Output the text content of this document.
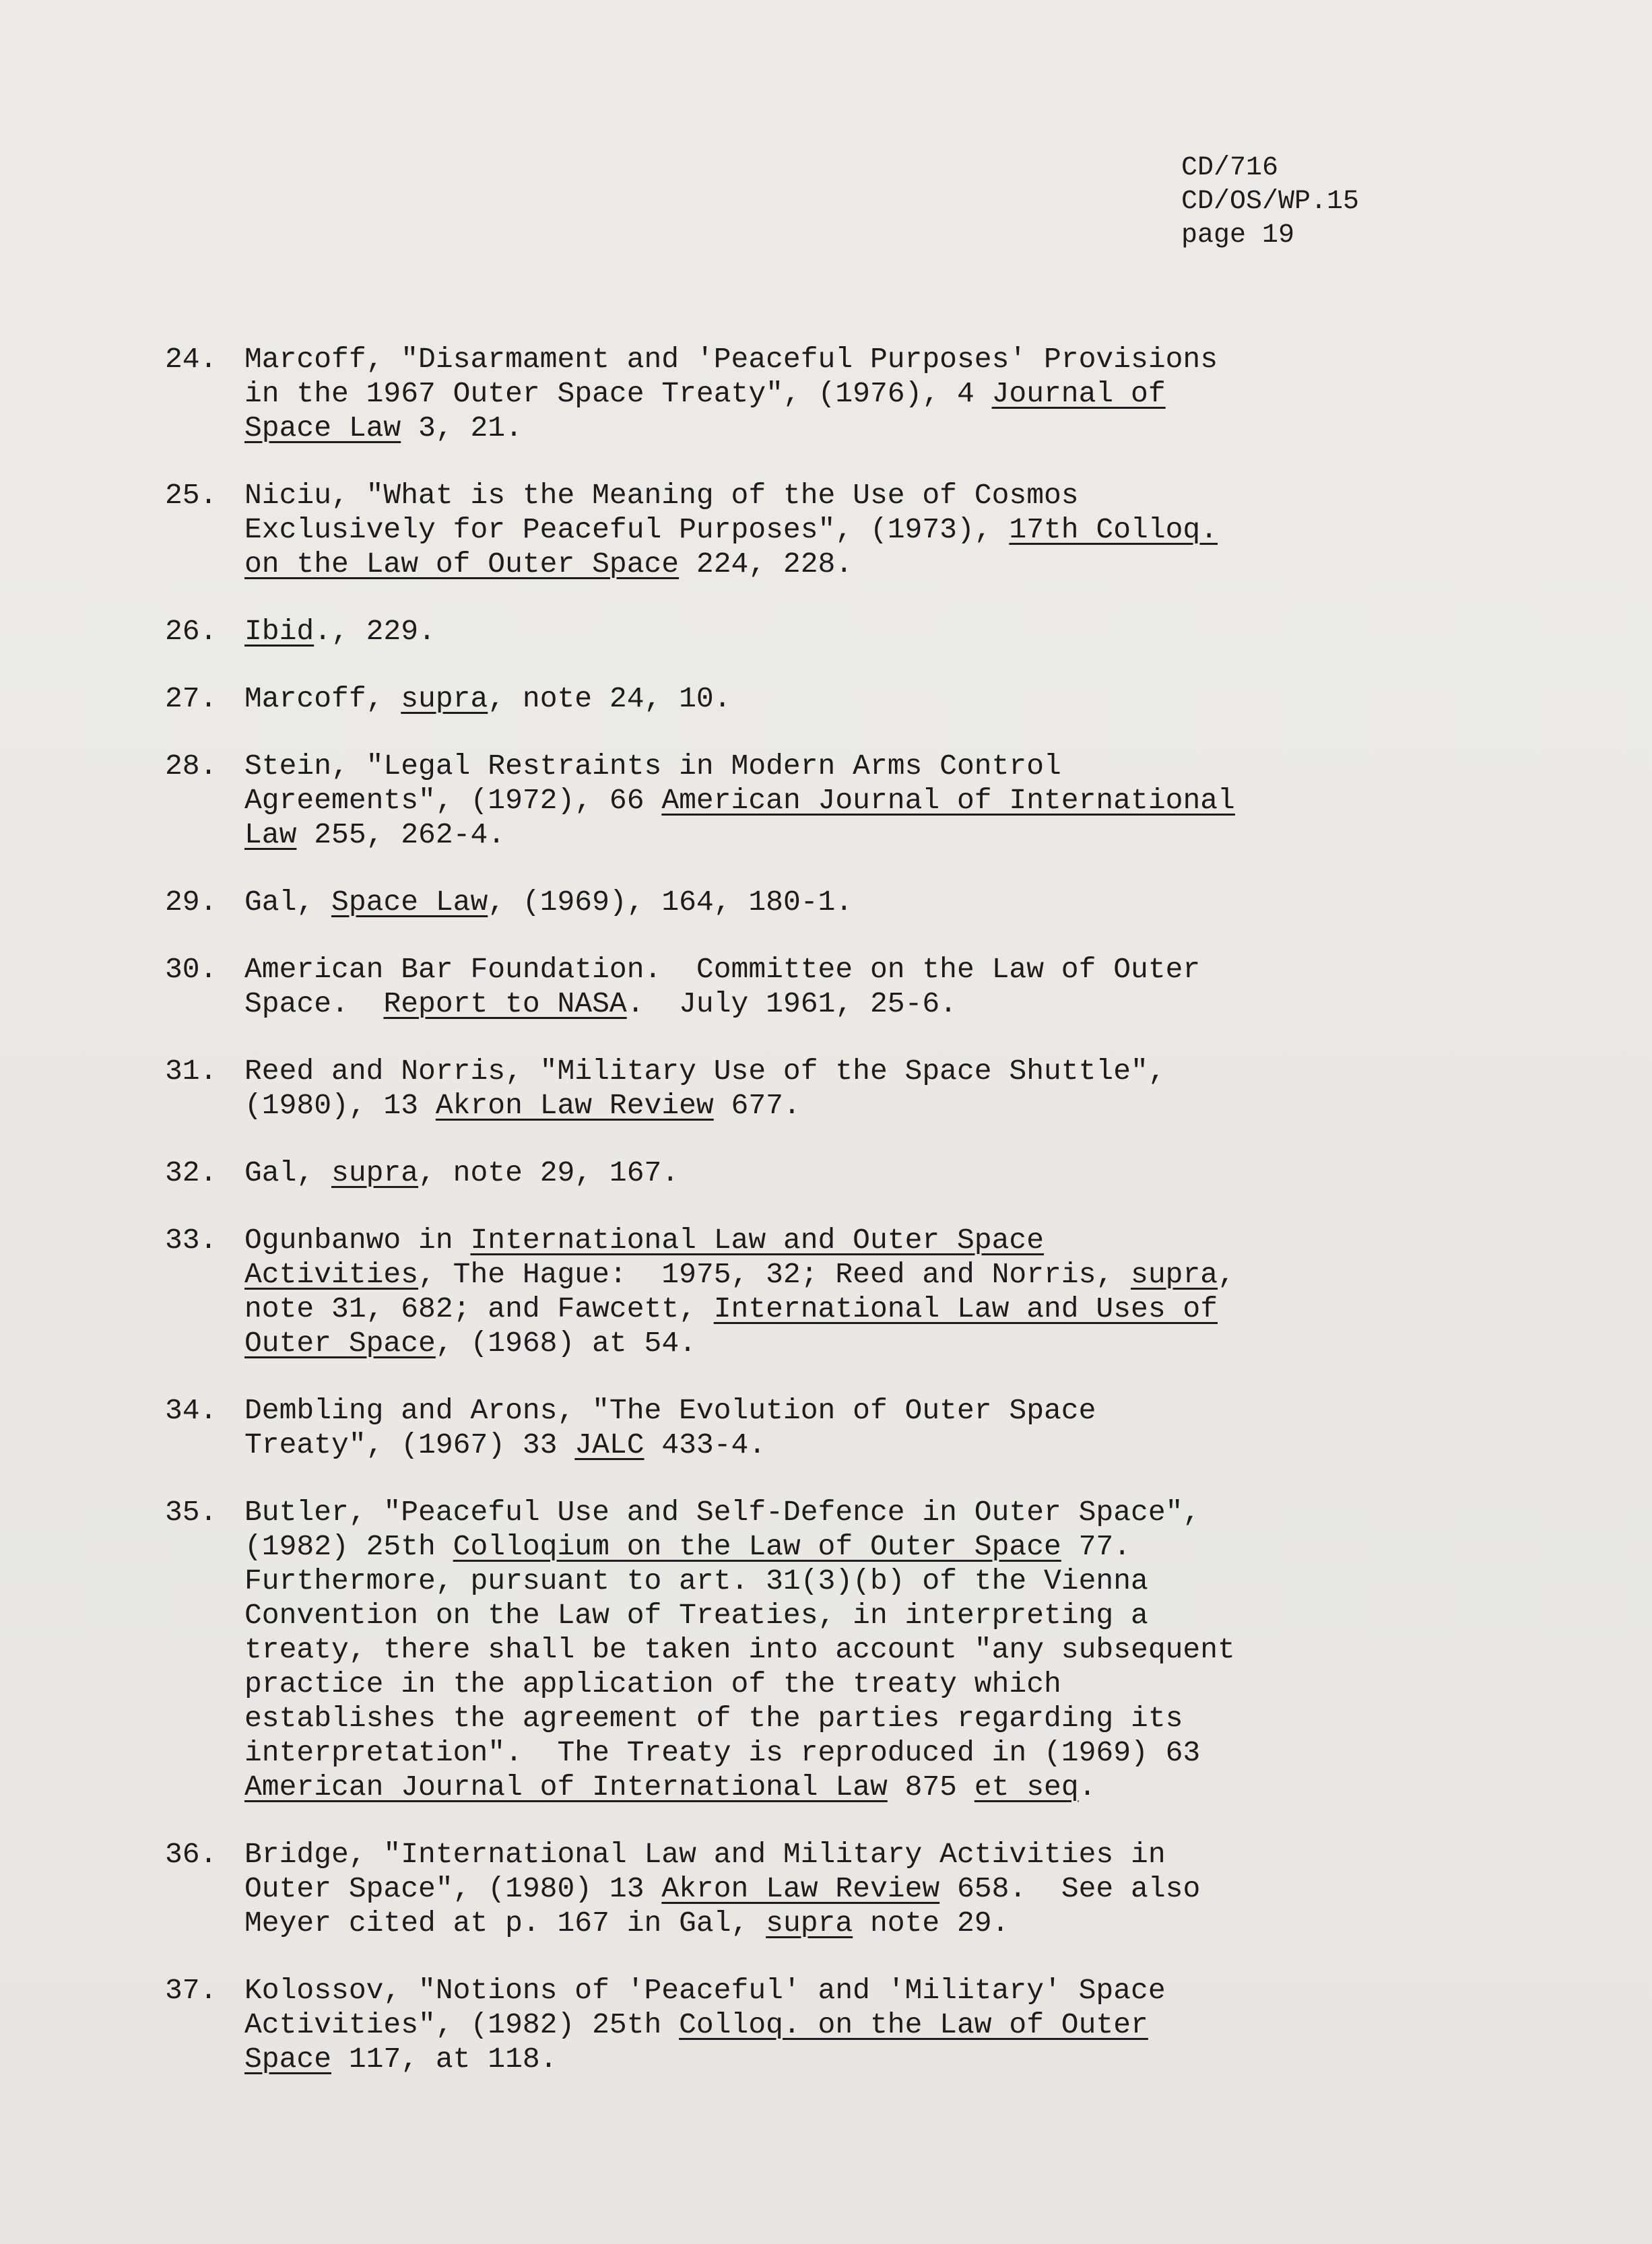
CD/716
CD/OS/WP.15
page 19
24. Marcoff, "Disarmament and 'Peaceful Purposes' Provisions
in the 1967 Outer Space Treaty", (1976), 4 Journal of
Space Law 3, 21.
25. Niciu, "What is the Meaning of the Use of Cosmos
Exclusively for Peaceful Purposes", (1973), 17th Colloq.
on the Law of Outer Space 224, 228.
26. Ibid., 229.
27. Marcoff, supra, note 24, 10.
28. Stein, "Legal Restraints in Modern Arms Control
Agreements", (1972), 66 American Journal of International
Law 255, 262-4.
29. Gal, Space Law, (1969), 164, 180-1.
30. American Bar Foundation.  Committee on the Law of Outer
Space.  Report to NASA.  July 1961, 25-6.
31. Reed and Norris, "Military Use of the Space Shuttle",
(1980), 13 Akron Law Review 677.
32. Gal, supra, note 29, 167.
33. Ogunbanwo in International Law and Outer Space
Activities, The Hague:  1975, 32; Reed and Norris, supra,
note 31, 682; and Fawcett, International Law and Uses of
Outer Space, (1968) at 54.
34. Dembling and Arons, "The Evolution of Outer Space
Treaty", (1967) 33 JALC 433-4.
35. Butler, "Peaceful Use and Self-Defence in Outer Space",
(1982) 25th Colloqium on the Law of Outer Space 77.
Furthermore, pursuant to art. 31(3)(b) of the Vienna
Convention on the Law of Treaties, in interpreting a
treaty, there shall be taken into account "any subsequent
practice in the application of the treaty which
establishes the agreement of the parties regarding its
interpretation".  The Treaty is reproduced in (1969) 63
American Journal of International Law 875 et seq.
36. Bridge, "International Law and Military Activities in
Outer Space", (1980) 13 Akron Law Review 658.  See also
Meyer cited at p. 167 in Gal, supra note 29.
37. Kolossov, "Notions of 'Peaceful' and 'Military' Space
Activities", (1982) 25th Colloq. on the Law of Outer
Space 117, at 118.
